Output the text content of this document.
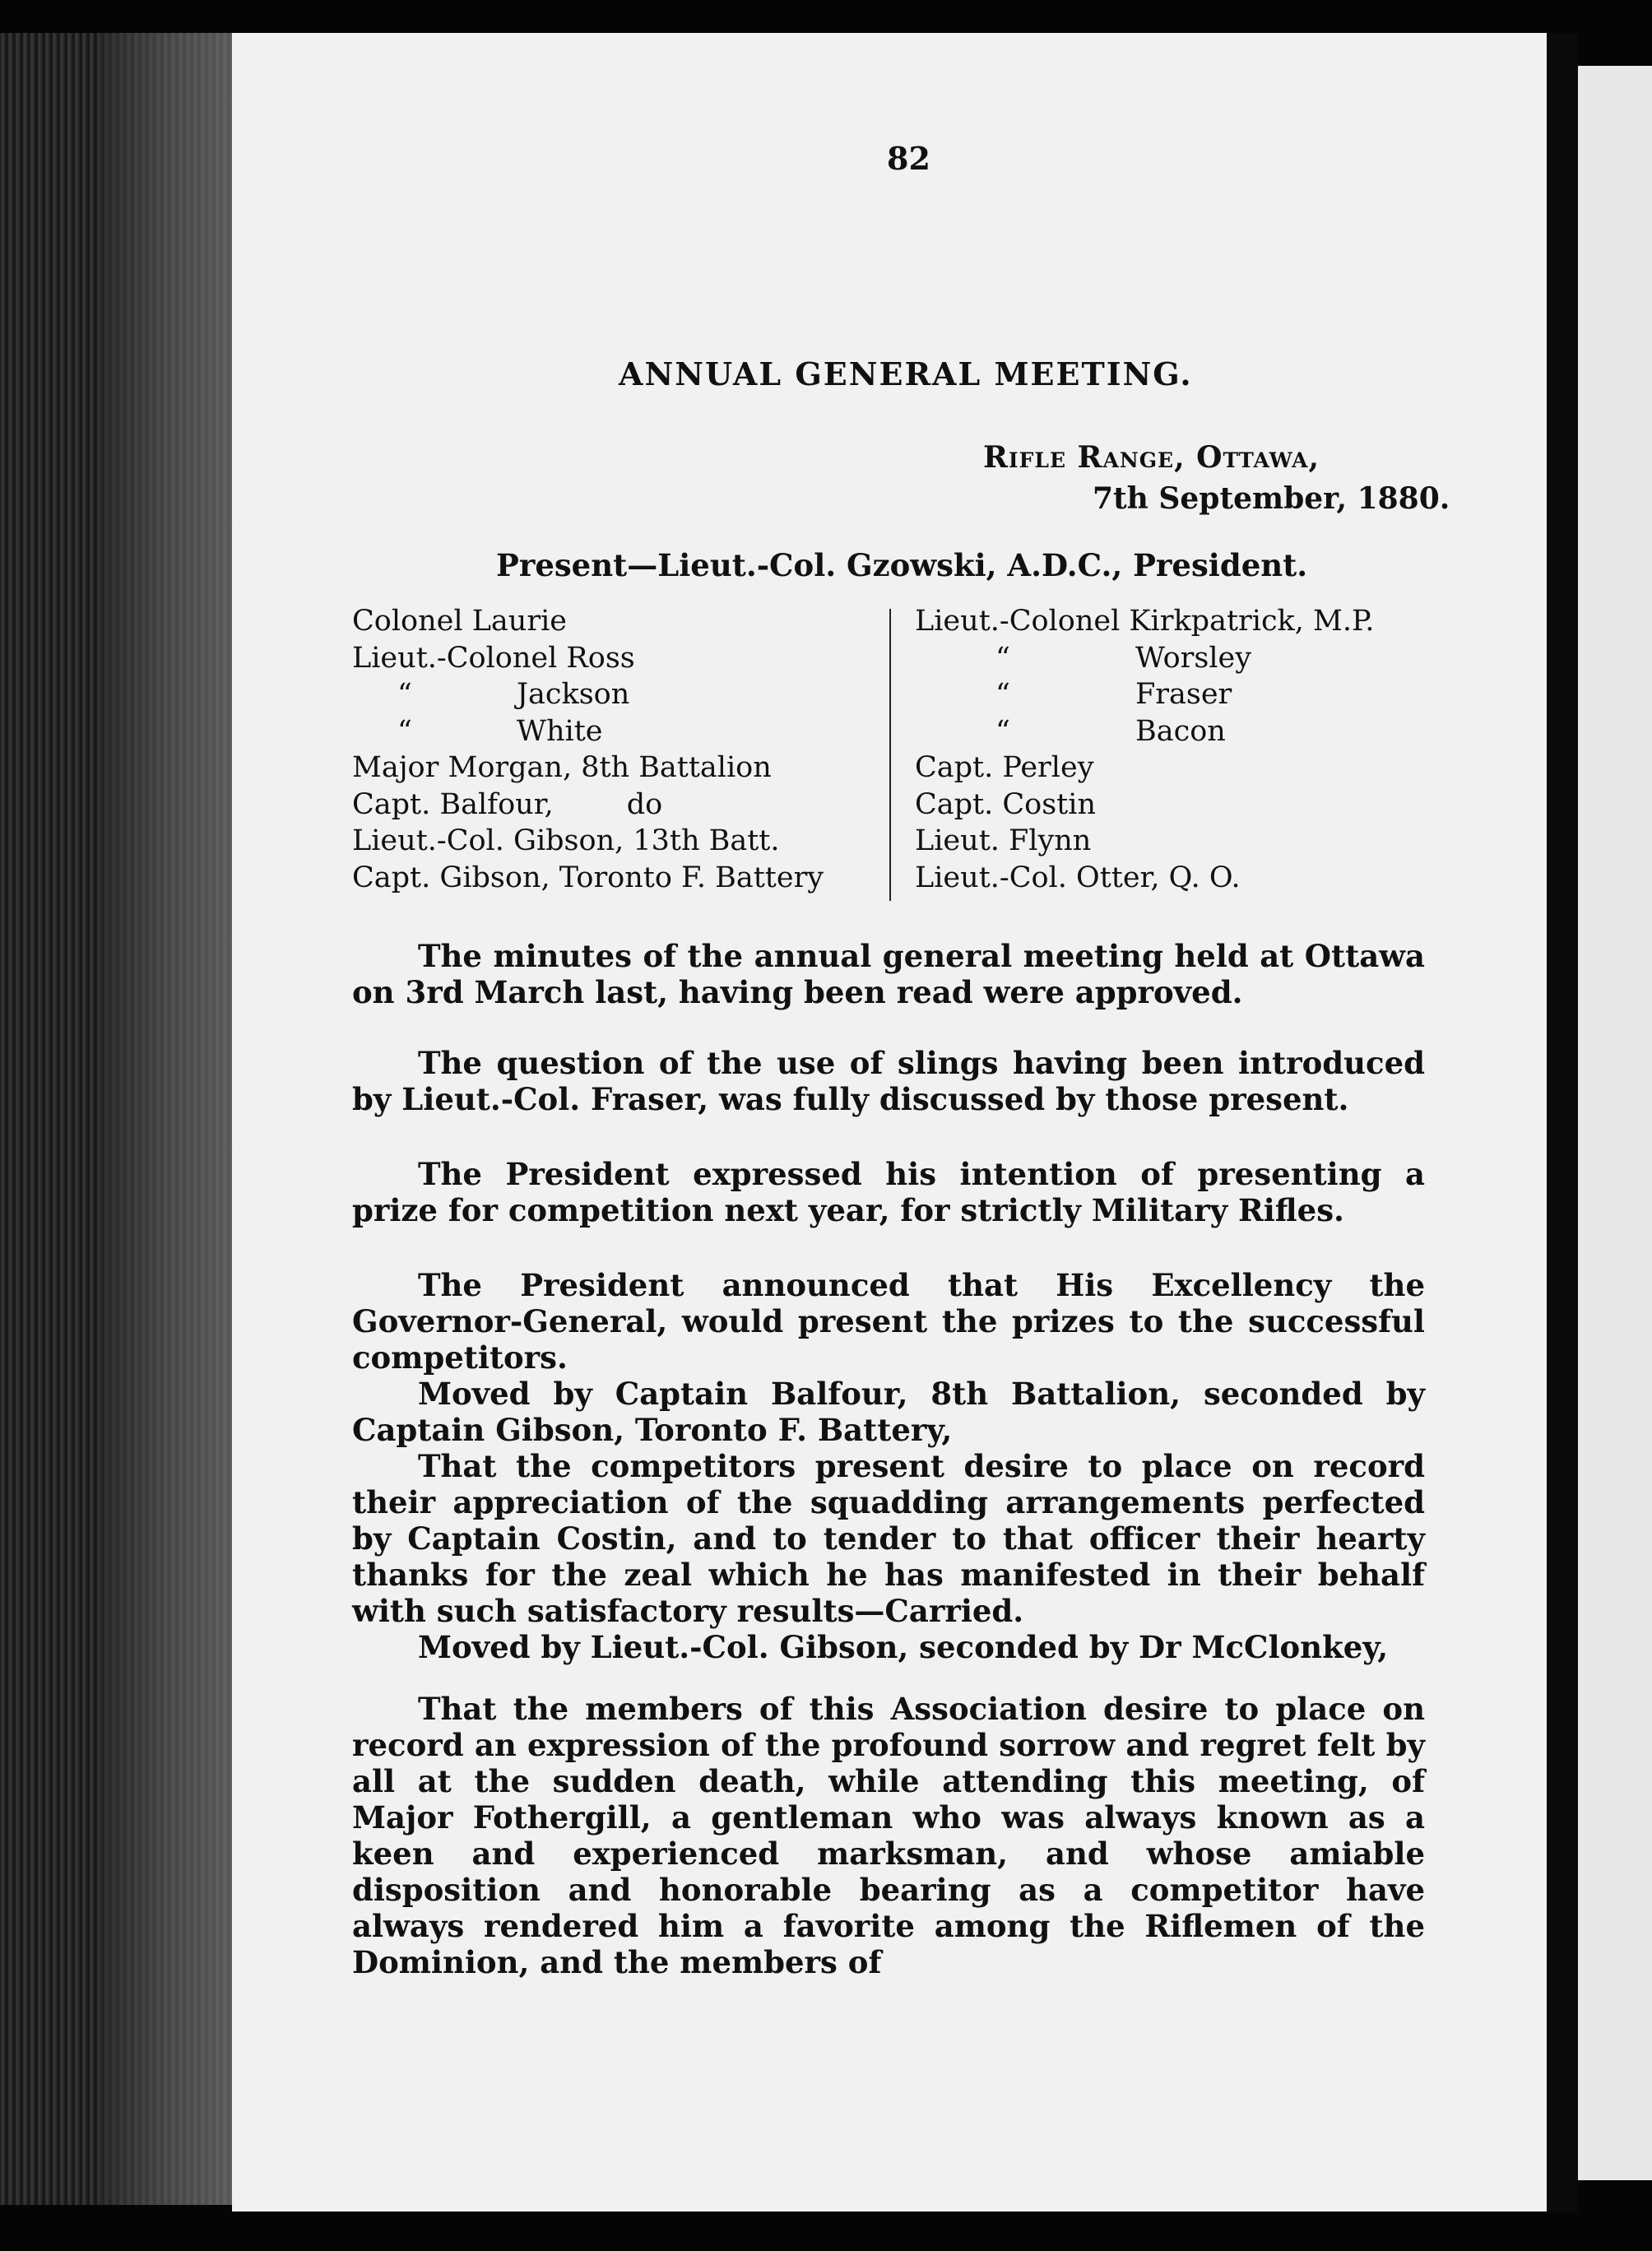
82
ANNUAL GENERAL MEETING.
Rifle Range, Ottawa,
7th September, 1880.
Present—Lieut.-Col. Gzowski, A.D.C., President.
Colonel Laurie
Lieut.-Colonel Ross
“	Jackson
“	White
Major Morgan, 8th Battalion
Capt. Balfour,        do
Lieut.-Col. Gibson, 13th Batt.
Capt. Gibson, Toronto F. Battery
Lieut.-Colonel Kirkpatrick, M.P.
“	Worsley
“	Fraser
“	Bacon
Capt. Perley
Capt. Costin
Lieut. Flynn
Lieut.-Col. Otter, Q. O.
The minutes of the annual general meeting held at Ottawa on 3rd March last, having been read were approved.
The question of the use of slings having been introduced by Lieut.-Col. Fraser, was fully discussed by those present.
The President expressed his intention of presenting a prize for competition next year, for strictly Military Rifles.
The President announced that His Excellency the Governor-General, would present the prizes to the successful competitors.
Moved by Captain Balfour, 8th Battalion, seconded by Captain Gibson, Toronto F. Battery,
That the competitors present desire to place on record their appreciation of the squadding arrangements perfected by Captain Costin, and to tender to that officer their hearty thanks for the zeal which he has manifested in their behalf with such satisfactory results—Carried.
Moved by Lieut.-Col. Gibson, seconded by Dr McClonkey,
That the members of this Association desire to place on record an expression of the profound sorrow and regret felt by all at the sudden death, while attending this meeting, of Major Fothergill, a gentleman who was always known as a keen and experienced marksman, and whose amiable disposition and honorable bearing as a competitor have always rendered him a favorite among the Riflemen of the Dominion, and the members of
